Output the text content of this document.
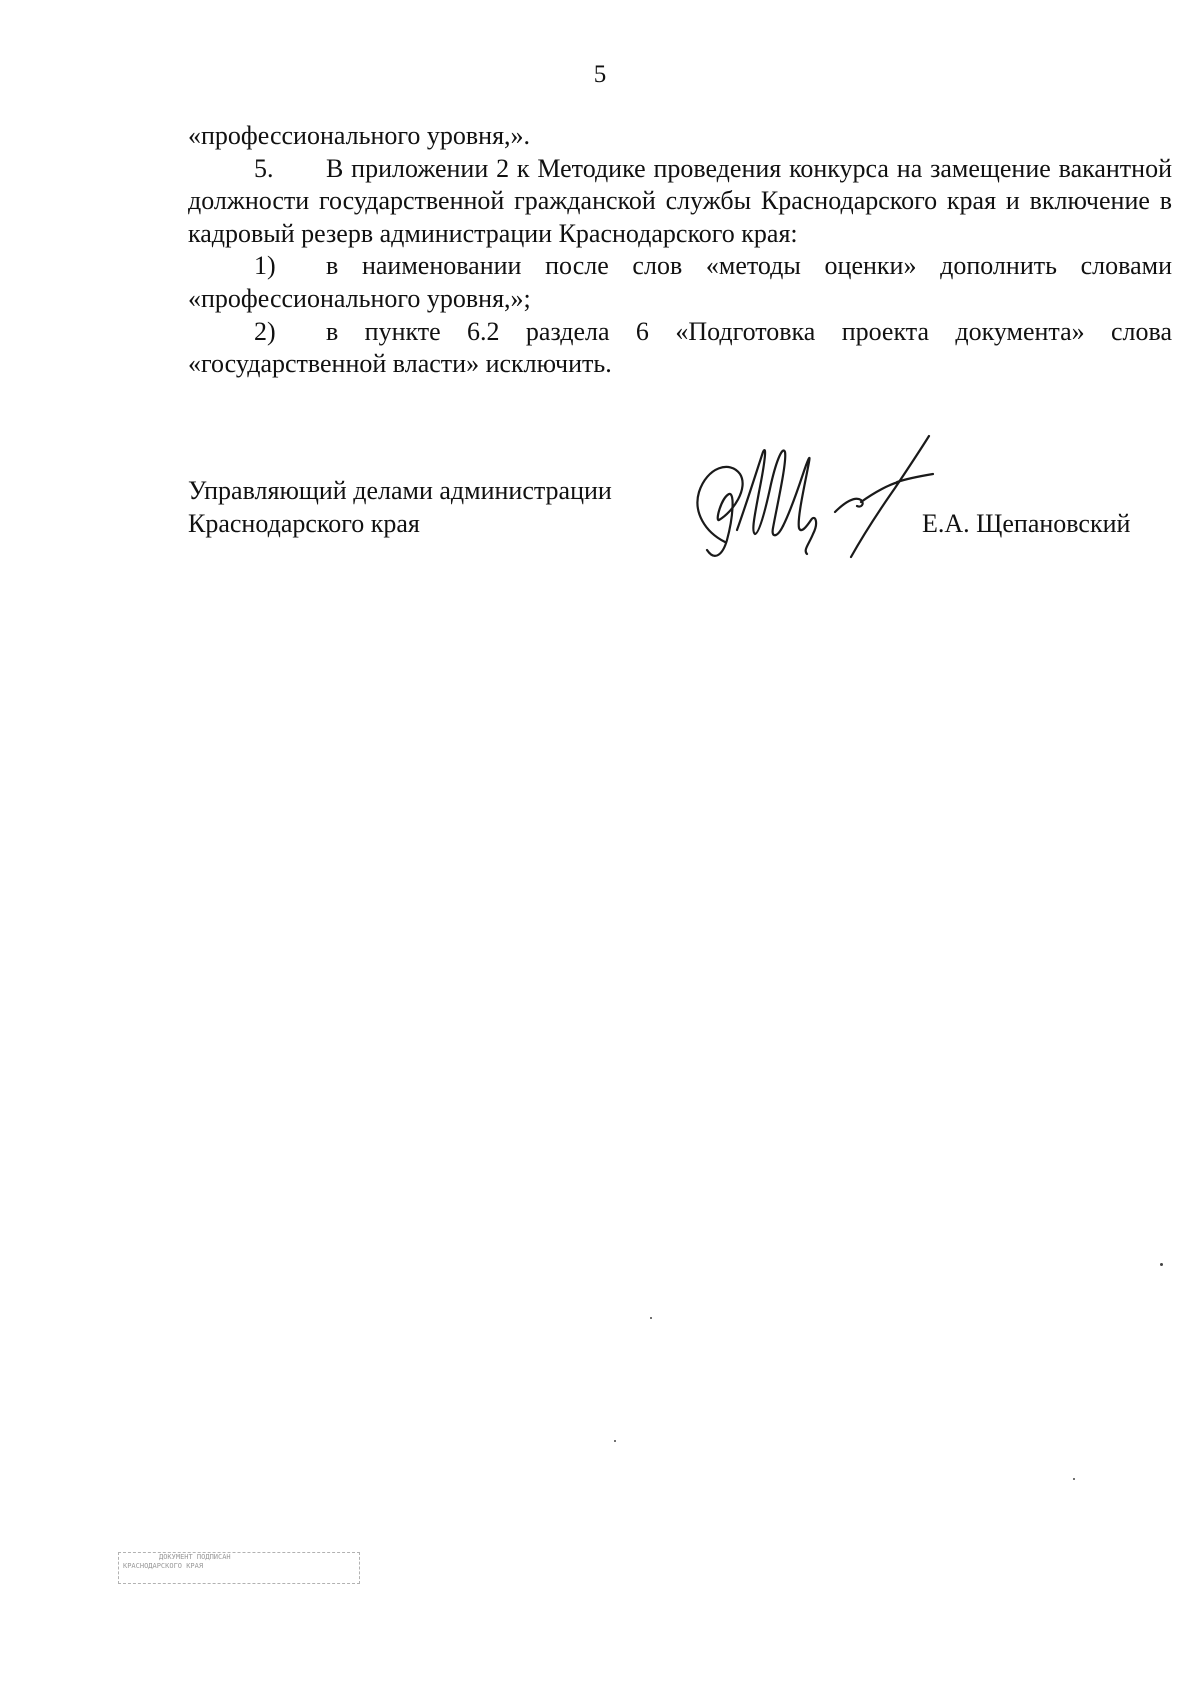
5

«профессионального уровня,».

5. В приложении 2 к Методике проведения конкурса на замещение вакантной должности государственной гражданской службы Краснодарского края и включение в кадровый резерв администрации Краснодарского края:

1) в наименовании после слов «методы оценки» дополнить словами «профессионального уровня,»;

2) в пункте 6.2 раздела 6 «Подготовка проекта документа» слова «государственной власти» исключить.

Управляющий делами администрации
Краснодарского края	Е.А. Щепановский
ДОКУМЕНТ ПОДПИСАН
КРАСНОДАРСКОГО КРАЯ
